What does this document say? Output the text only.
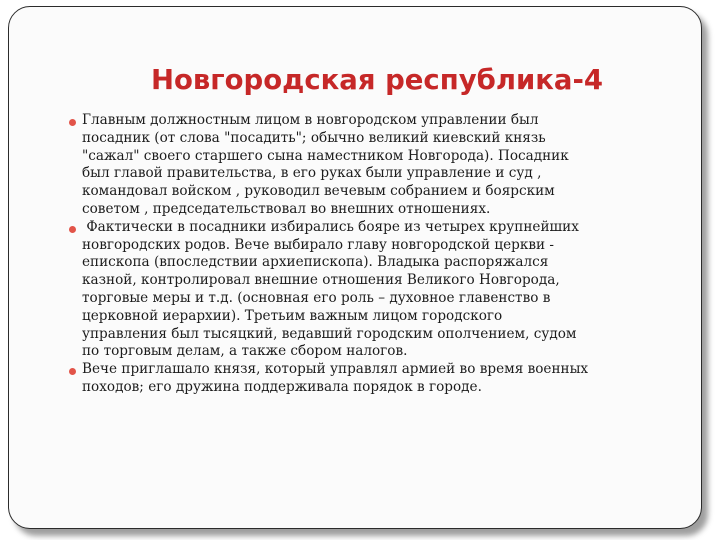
Новгородская республика-4
Главным должностным лицом в новгородском управлении был
посадник (от слова "посадить"; обычно великий киевский князь
"сажал" своего старшего сына наместником Новгорода). Посадник
был главой правительства, в его руках были управление и суд ,
командовал войском , руководил вечевым собранием и боярским
советом , председательствовал во внешних отношениях.
Фактически в посадники избирались бояре из четырех крупнейших
новгородских родов. Вече выбирало главу новгородской церкви -
епископа (впоследствии архиепископа). Владыка распоряжался
казной, контролировал внешние отношения Великого Новгорода,
торговые меры и т.д. (основная его роль – духовное главенство в
церковной иерархии). Третьим важным лицом городского
управления был тысяцкий, ведавший городским ополчением, судом
по торговым делам, а также сбором налогов.
Вече приглашало князя, который управлял армией во время военных
походов; его дружина поддерживала порядок в городе.
